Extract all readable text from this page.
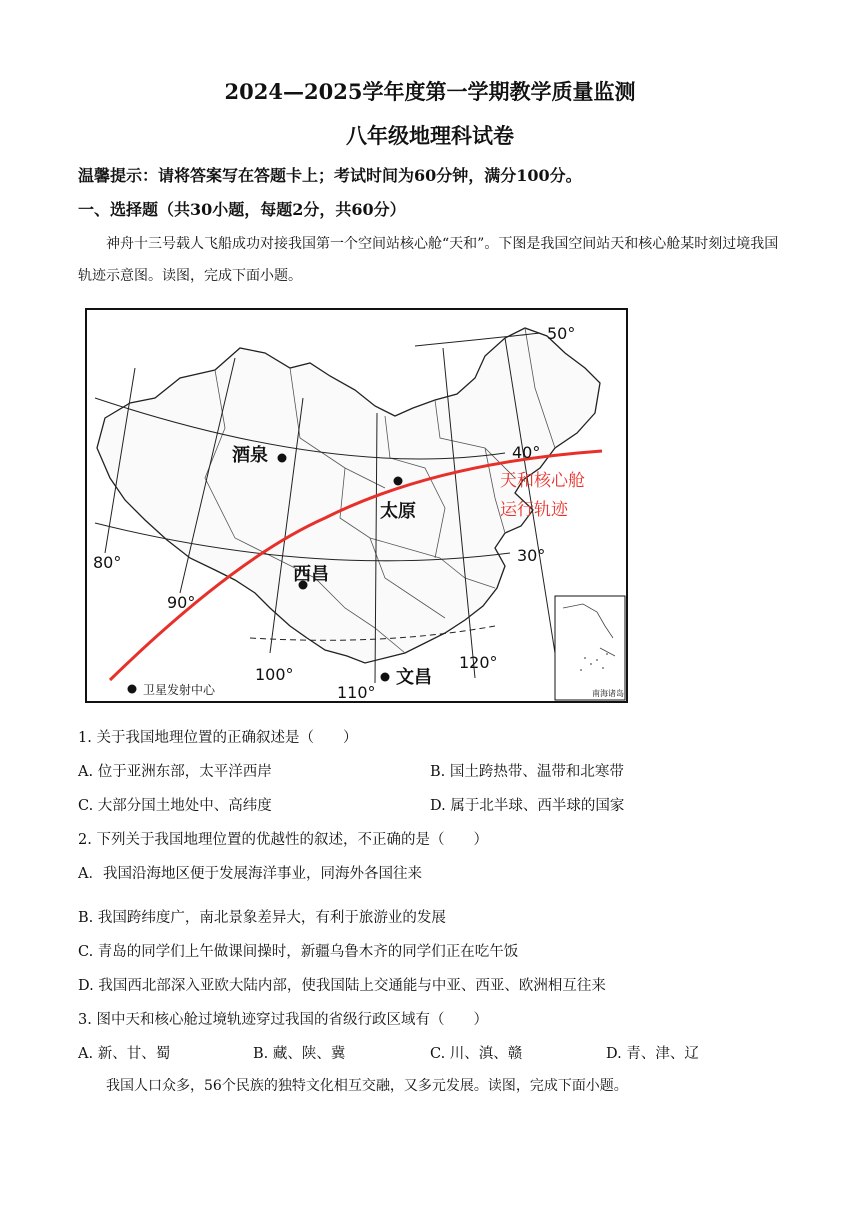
2024—2025学年度第一学期教学质量监测
八年级地理科试卷
温馨提示：请将答案写在答题卡上；考试时间为60分钟，满分100分。
一、选择题（共30小题，每题2分，共60分）
神舟十三号载人飞船成功对接我国第一个空间站核心舱“天和”。下图是我国空间站天和核心舱某时刻过境我国轨迹示意图。读图，完成下面小题。
酒泉
太原
西昌
文昌
50°
40°
30°
80°
90°
100°
110°
120°
天和核心舱
运行轨迹
卫星发射中心	南海诸岛
1. 关于我国地理位置的正确叙述是（　　）
A. 位于亚洲东部，太平洋西岸	B. 国土跨热带、温带和北寒带
C. 大部分国土地处中、高纬度	D. 属于北半球、西半球的国家
2. 下列关于我国地理位置的优越性的叙述，不正确的是（　　）
A．我国沿海地区便于发展海洋事业，同海外各国往来
B. 我国跨纬度广，南北景象差异大，有利于旅游业的发展
C. 青岛的同学们上午做课间操时，新疆乌鲁木齐的同学们正在吃午饭
D. 我国西北部深入亚欧大陆内部，使我国陆上交通能与中亚、西亚、欧洲相互往来
3. 图中天和核心舱过境轨迹穿过我国的省级行政区域有（　　）
A. 新、甘、蜀	B. 藏、陕、冀	C. 川、滇、赣	D. 青、津、辽
我国人口众多，56个民族的独特文化相互交融，又多元发展。读图，完成下面小题。
